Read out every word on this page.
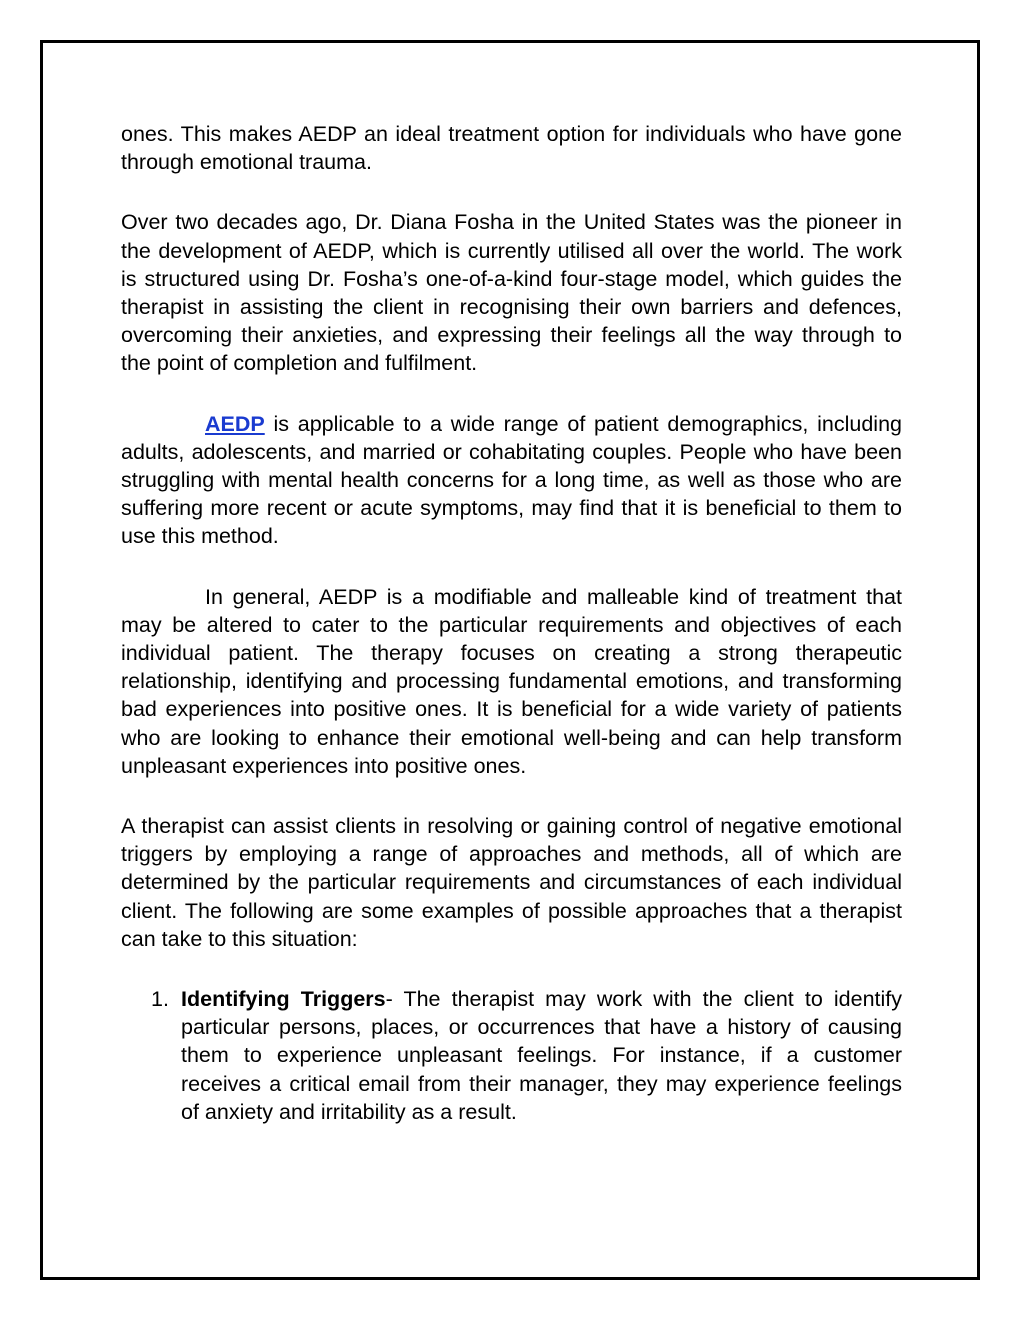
ones. This makes AEDP an ideal treatment option for individuals who have gone through emotional trauma.

Over two decades ago, Dr. Diana Fosha in the United States was the pioneer in the development of AEDP, which is currently utilised all over the world. The work is structured using Dr. Fosha’s one-of-a-kind four-stage model, which guides the therapist in assisting the client in recognising their own barriers and defences, overcoming their anxieties, and expressing their feelings all the way through to the point of completion and fulfilment.

AEDP is applicable to a wide range of patient demographics, including adults, adolescents, and married or cohabitating couples. People who have been struggling with mental health concerns for a long time, as well as those who are suffering more recent or acute symptoms, may find that it is beneficial to them to use this method.

In general, AEDP is a modifiable and malleable kind of treatment that may be altered to cater to the particular requirements and objectives of each individual patient. The therapy focuses on creating a strong therapeutic relationship, identifying and processing fundamental emotions, and transforming bad experiences into positive ones. It is beneficial for a wide variety of patients who are looking to enhance their emotional well-being and can help transform unpleasant experiences into positive ones.

A therapist can assist clients in resolving or gaining control of negative emotional triggers by employing a range of approaches and methods, all of which are determined by the particular requirements and circumstances of each individual client. The following are some examples of possible approaches that a therapist can take to this situation:

1. Identifying Triggers- The therapist may work with the client to identify particular persons, places, or occurrences that have a history of causing them to experience unpleasant feelings. For instance, if a customer receives a critical email from their manager, they may experience feelings of anxiety and irritability as a result.
